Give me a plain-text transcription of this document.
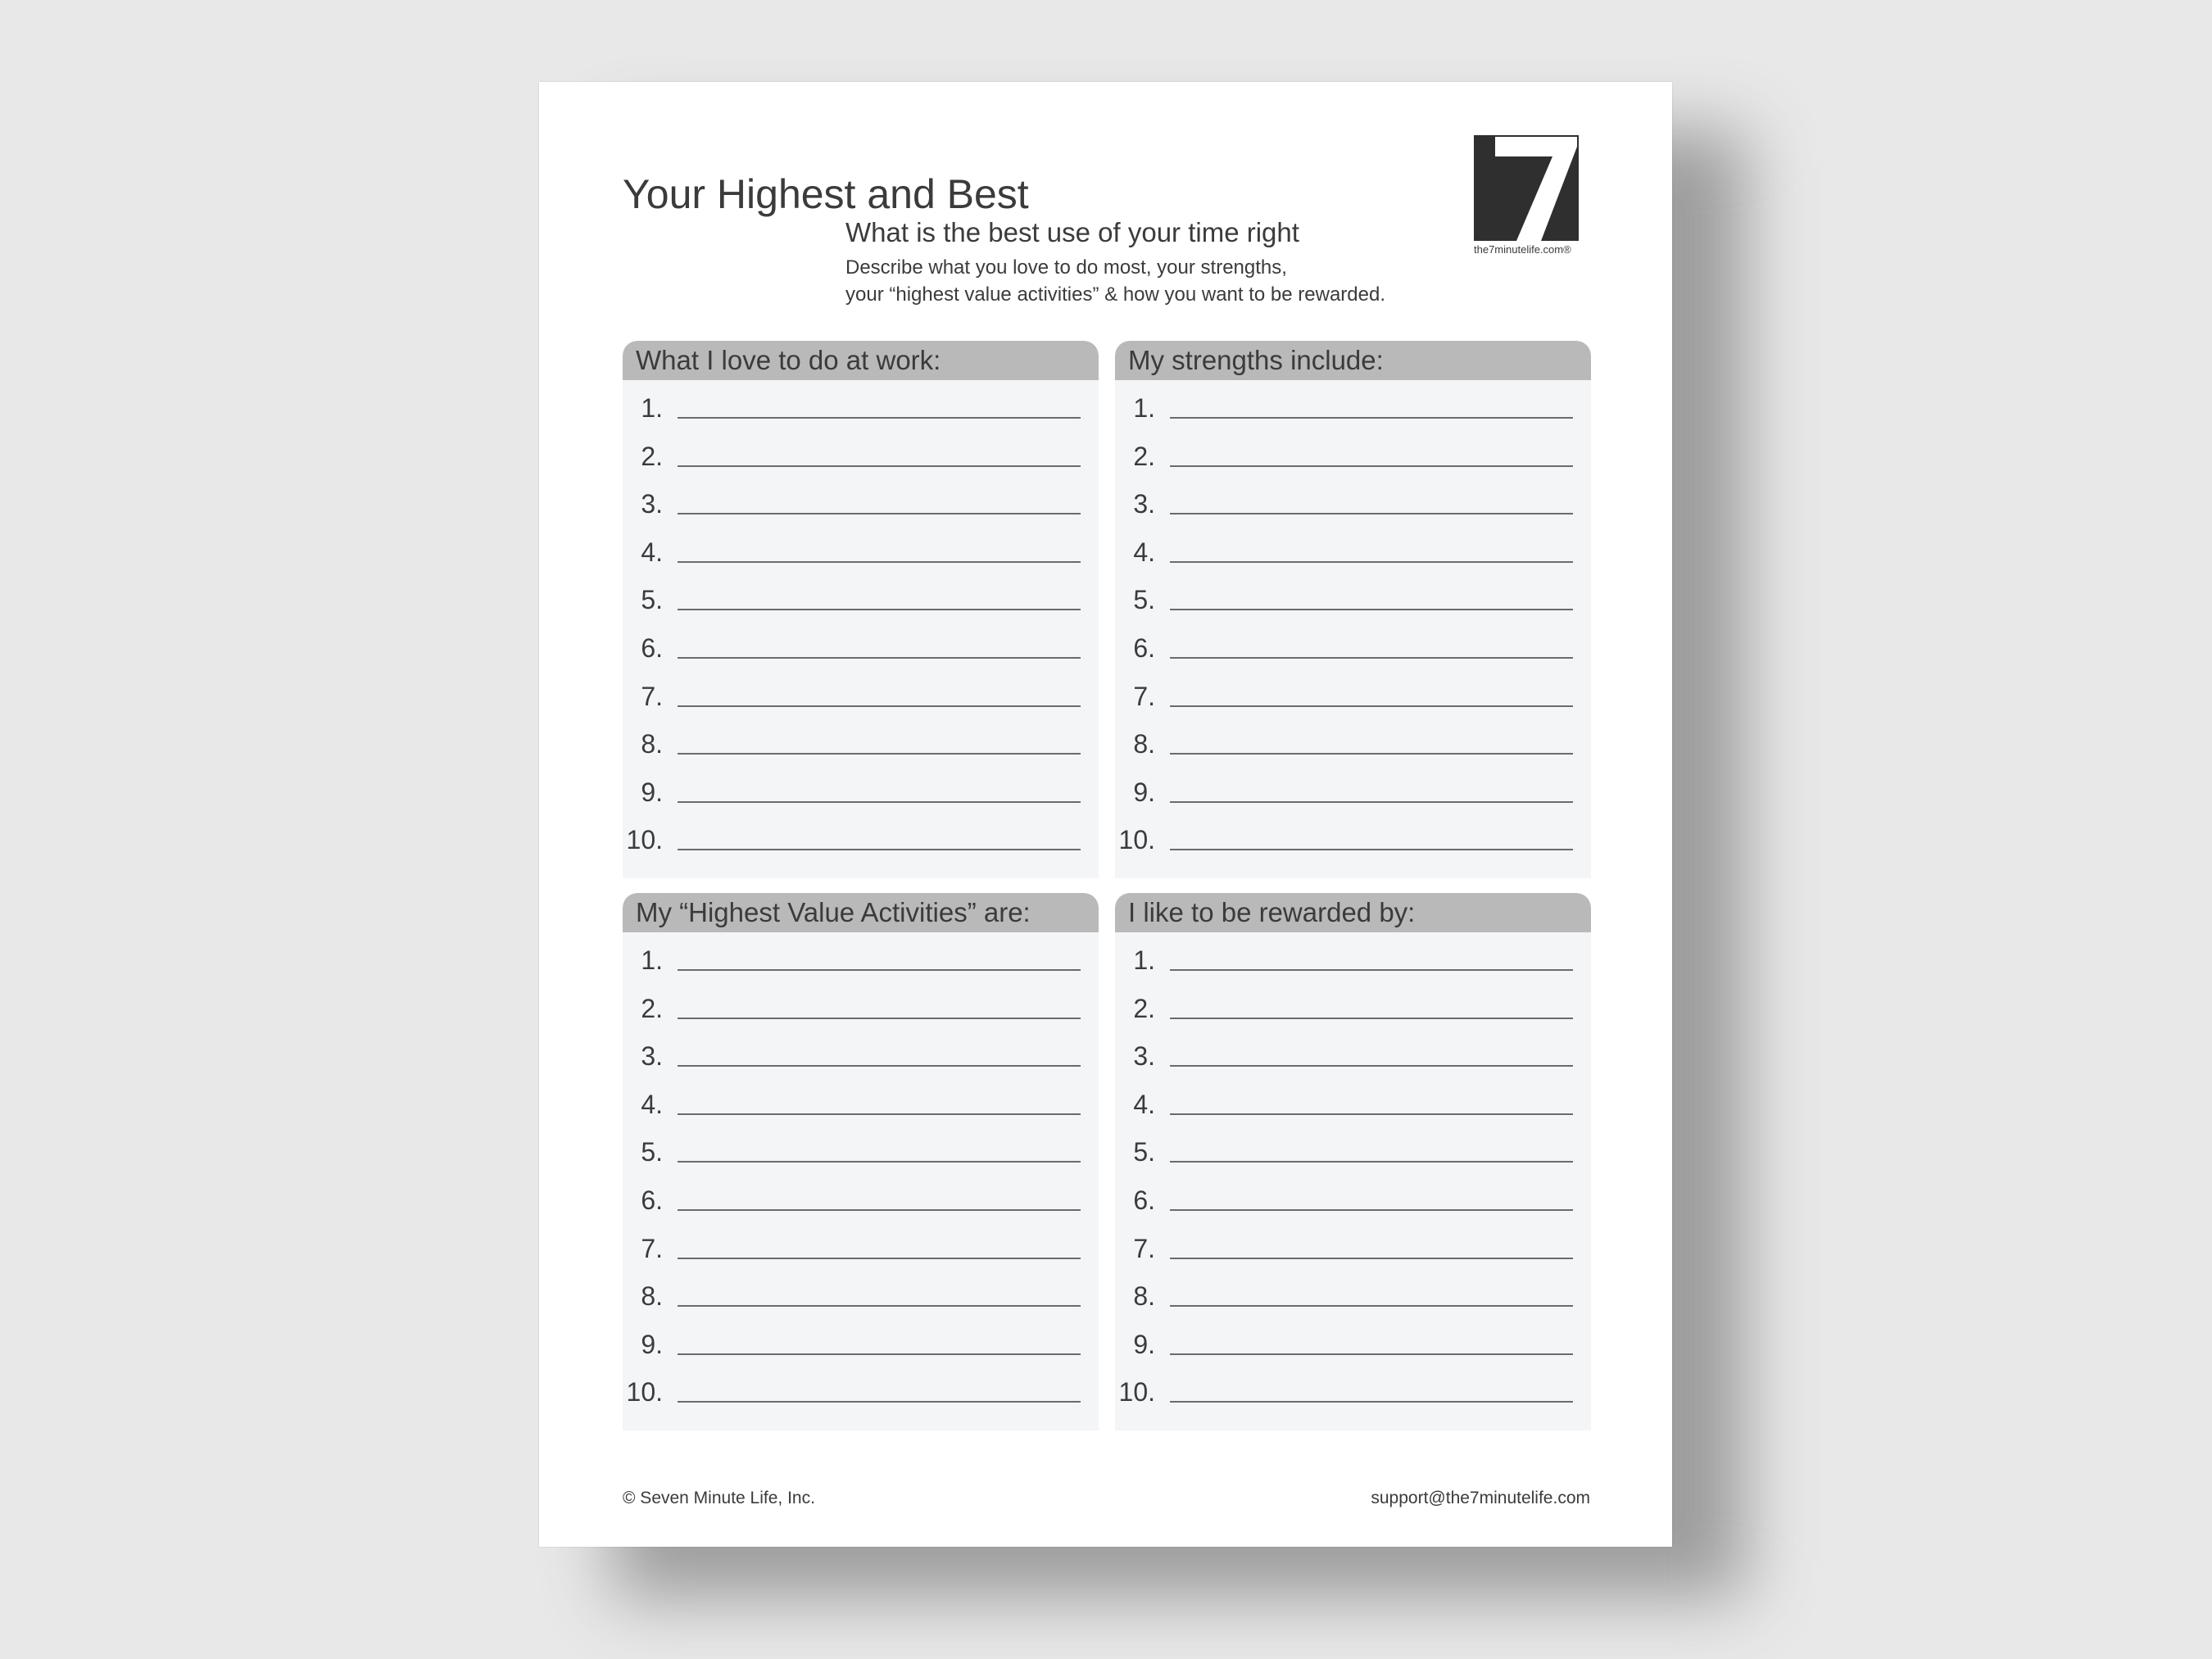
Your Highest and Best
What is the best use of your time right
Describe what you love to do most, your strengths,
your “highest value activities” & how you want to be rewarded.
the7minutelife.com®
What I love to do at work:
1.
2.
3.
4.
5.
6.
7.
8.
9.
10.
My strengths include:
1.
2.
3.
4.
5.
6.
7.
8.
9.
10.
My “Highest Value Activities” are:
1.
2.
3.
4.
5.
6.
7.
8.
9.
10.
I like to be rewarded by:
1.
2.
3.
4.
5.
6.
7.
8.
9.
10.
© Seven Minute Life, Inc.	support@the7minutelife.com
